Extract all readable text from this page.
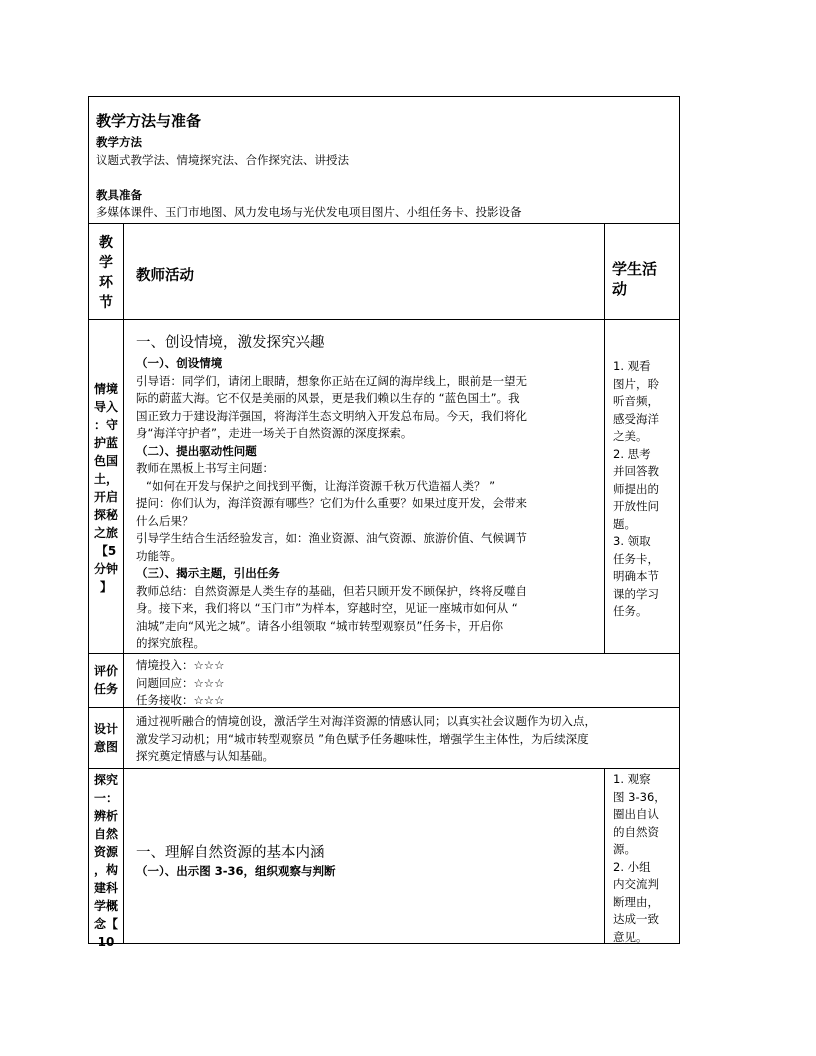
教学方法与准备
教学方法
议题式教学法、情境探究法、合作探究法、讲授法
教具准备
多媒体课件、玉门市地图、风力发电场与光伏发电项目图片、小组任务卡、投影设备
教
学
环
节
教师活动	学生活
动
情境
导入
：守
护蓝
色国
土，
开启
探秘
之旅
【5
分钟
】
一、创设情境，激发探究兴趣
（一）、创设情境
引导语：同学们，请闭上眼睛，想象你正站在辽阔的海岸线上，眼前是一望无
际的蔚蓝大海。它不仅是美丽的风景，更是我们赖以生存的 “蓝色国土”。我
国正致力于建设海洋强国，将海洋生态文明纳入开发总布局。今天，我们将化
身“海洋守护者”，走进一场关于自然资源的深度探索。
（二）、提出驱动性问题
教师在黑板上书写主问题：
“如何在开发与保护之间找到平衡，让海洋资源千秋万代造福人类？ ”
提问：你们认为，海洋资源有哪些？它们为什么重要？如果过度开发，会带来
什么后果？
引导学生结合生活经验发言，如：渔业资源、油气资源、旅游价值、气候调节
功能等。
（三）、揭示主题，引出任务
教师总结：自然资源是人类生存的基础，但若只顾开发不顾保护，终将反噬自
身。接下来，我们将以 “玉门市”为样本，穿越时空，见证一座城市如何从 “
油城”走向“风光之城”。请各小组领取 “城市转型观察员”任务卡，开启你
的探究旅程。
1. 观看
图片，聆
听音频，
感受海洋
之美。
2. 思考
并回答教
师提出的
开放性问
题。
3. 领取
任务卡，
明确本节
课的学习
任务。
评价
任务
情境投入：☆☆☆
问题回应：☆☆☆
任务接收：☆☆☆
设计
意图
通过视听融合的情境创设，激活学生对海洋资源的情感认同；以真实社会议题作为切入点，
激发学习动机；用“城市转型观察员 ”角色赋予任务趣味性，增强学生主体性，为后续深度
探究奠定情感与认知基础。
探究
一：
辨析
自然
资源
，构
建科
学概
念【
10
一、理解自然资源的基本内涵
（一）、出示图 3-36，组织观察与判断
1. 观察
图 3-36，
圈出自认
的自然资
源。
2. 小组
内交流判
断理由，
达成一致
意见。
